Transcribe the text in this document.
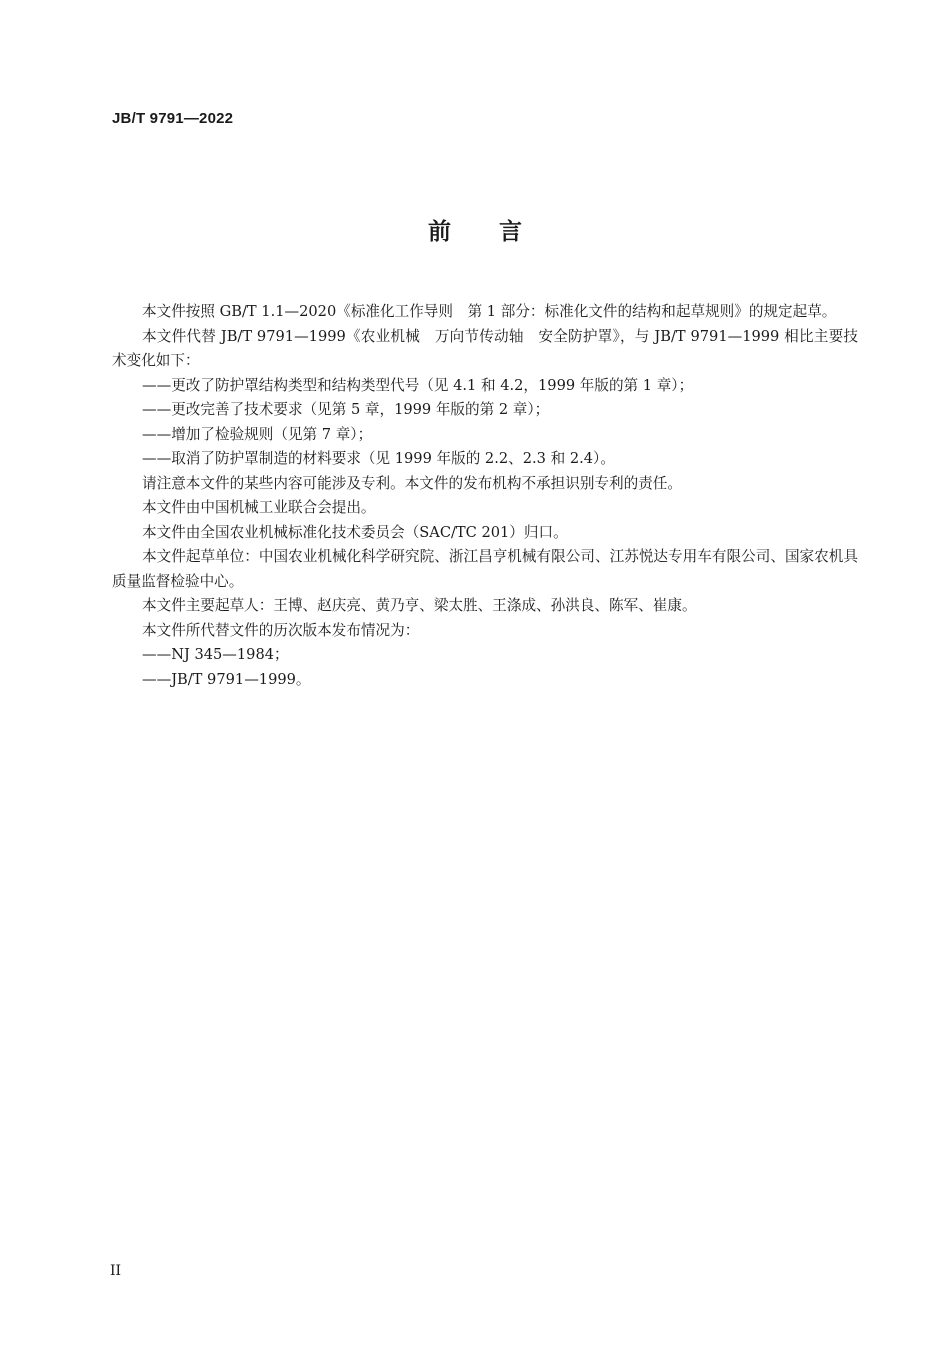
JB/T 9791—2022
前言

本文件按照 GB/T 1.1—2020《标准化工作导则　第 1 部分：标准化文件的结构和起草规则》的规定起草。

本文件代替 JB/T 9791—1999《农业机械　万向节传动轴　安全防护罩》，与 JB/T 9791—1999 相比主要技术变化如下：

——更改了防护罩结构类型和结构类型代号（见 4.1 和 4.2，1999 年版的第 1 章）；

——更改完善了技术要求（见第 5 章，1999 年版的第 2 章）；

——增加了检验规则（见第 7 章）；

——取消了防护罩制造的材料要求（见 1999 年版的 2.2、2.3 和 2.4）。

请注意本文件的某些内容可能涉及专利。本文件的发布机构不承担识别专利的责任。

本文件由中国机械工业联合会提出。

本文件由全国农业机械标准化技术委员会（SAC/TC 201）归口。

本文件起草单位：中国农业机械化科学研究院、浙江昌亨机械有限公司、江苏悦达专用车有限公司、国家农机具质量监督检验中心。

本文件主要起草人：王博、赵庆亮、黄乃亨、梁太胜、王涤成、孙洪良、陈军、崔康。

本文件所代替文件的历次版本发布情况为：

——NJ 345—1984；

——JB/T 9791—1999。

II
